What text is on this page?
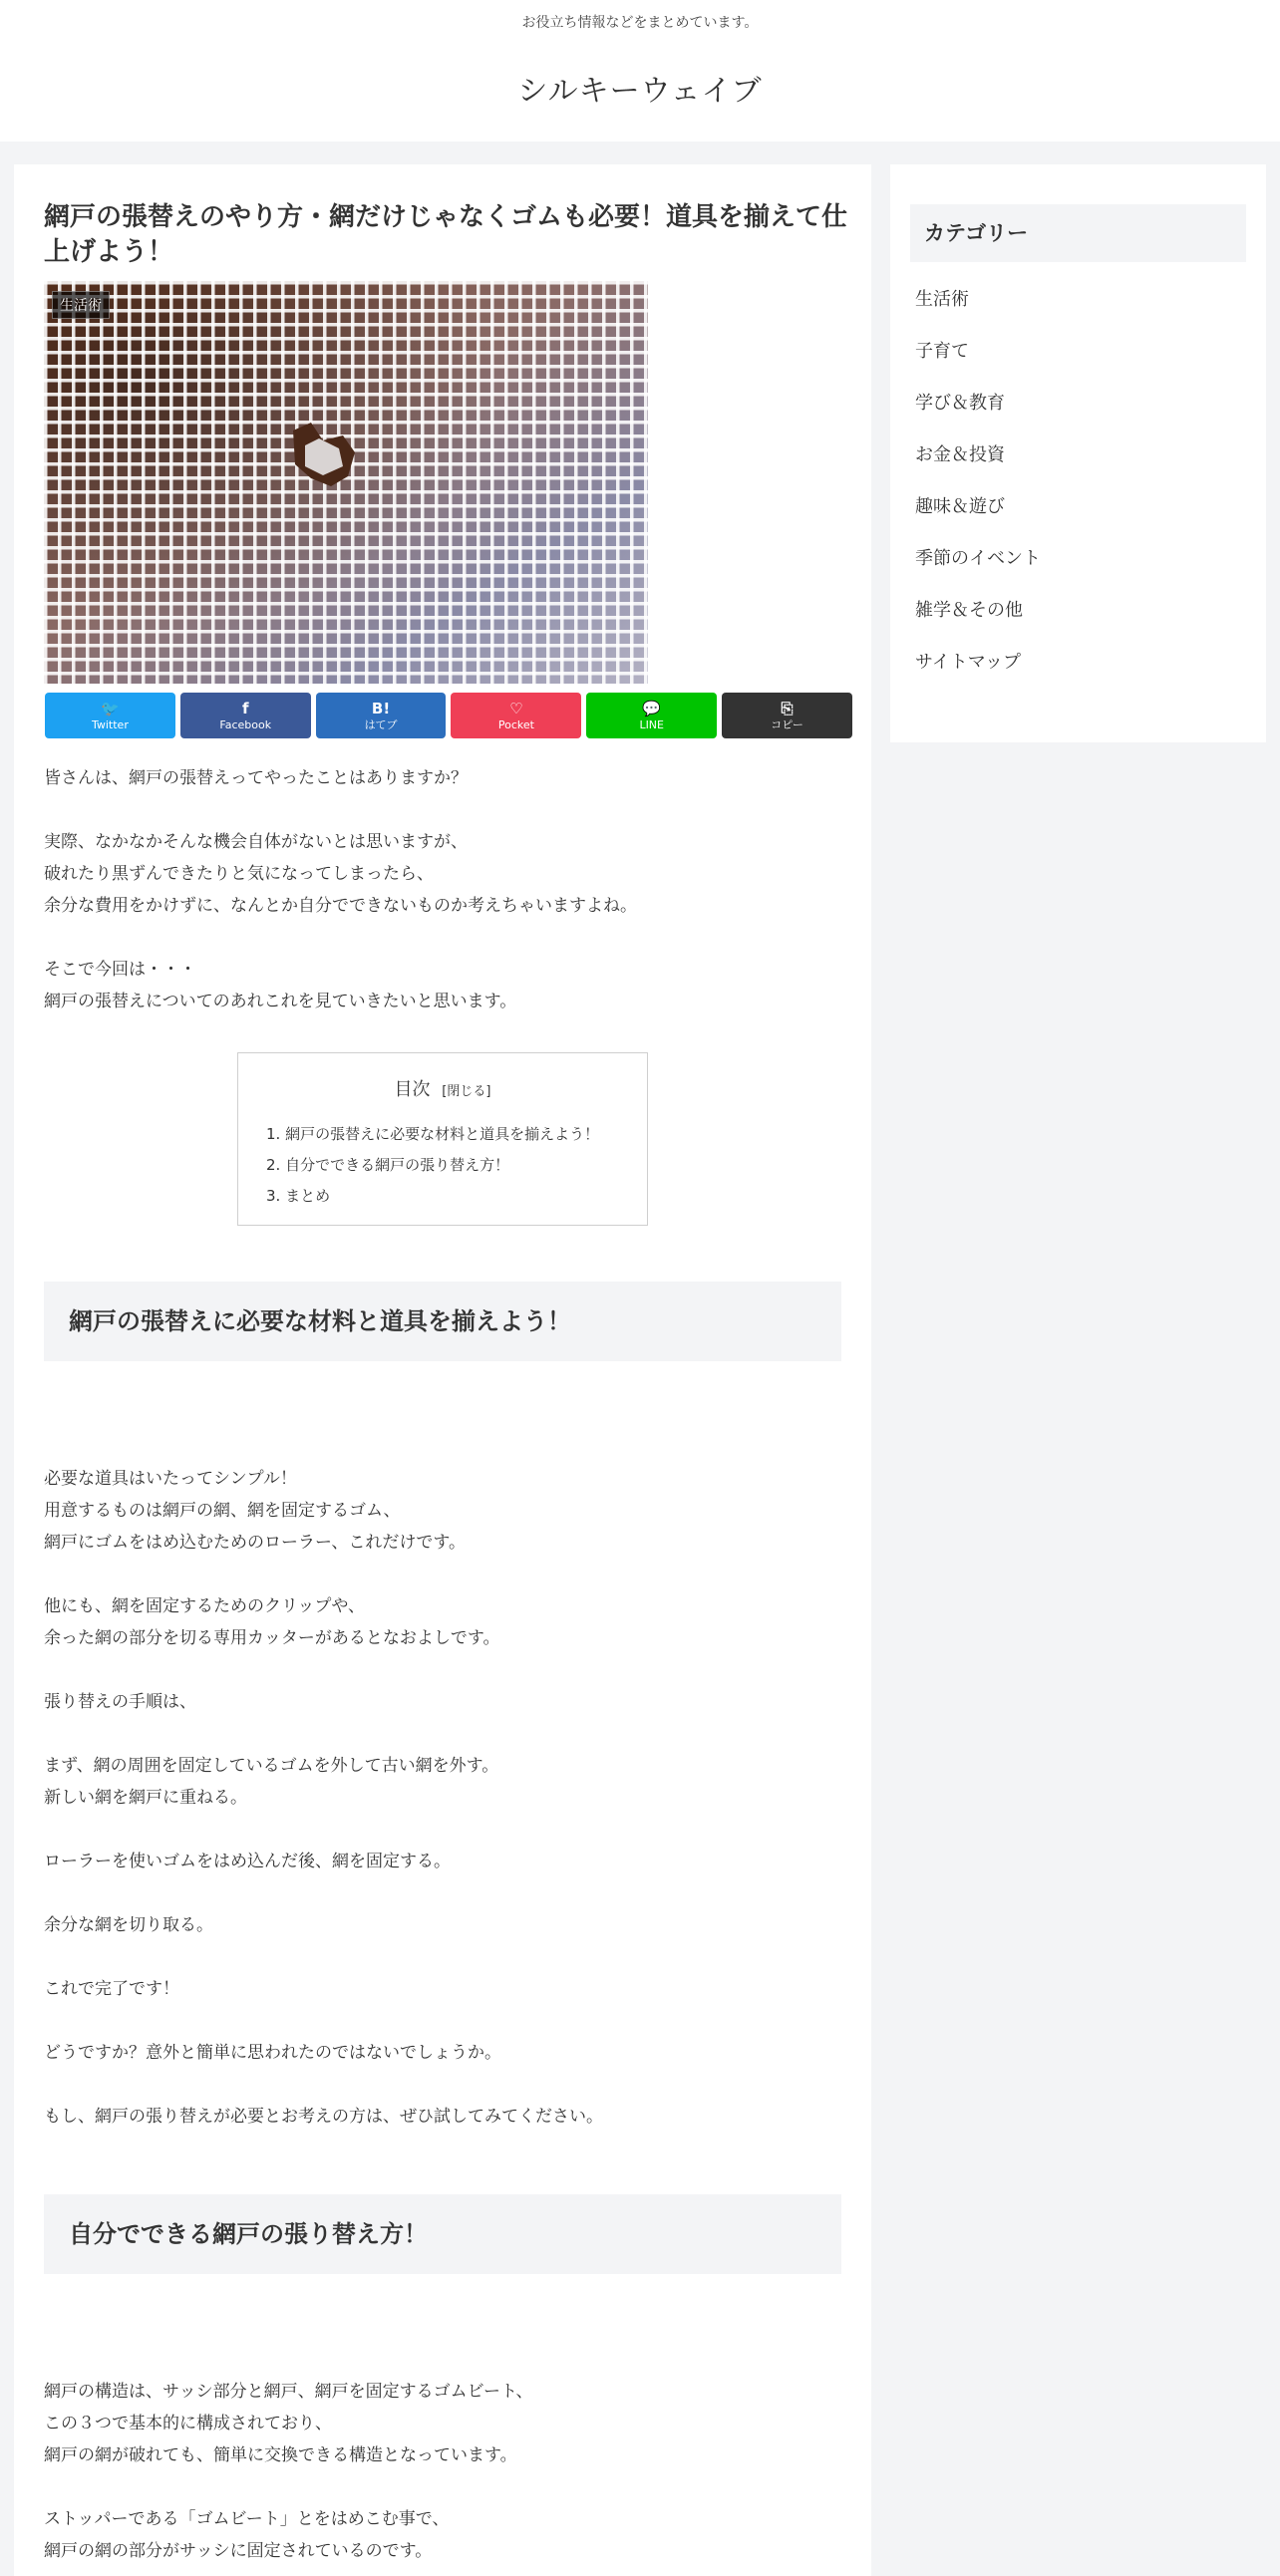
お役立ち情報などをまとめています。
シルキーウェイブ
網戸の張替えのやり方・網だけじゃなくゴムも必要！道具を揃えて仕上げよう！
生活術
🐦
Twitter
f
Facebook
B!
はてブ
♡
Pocket
💬
LINE
⎘
コピー

皆さんは、網戸の張替えってやったことはありますか？

実際、なかなかそんな機会自体がないとは思いますが、

破れたり黒ずんできたりと気になってしまったら、

余分な費用をかけずに、なんとか自分でできないものか考えちゃいますよね。

そこで今回は・・・

網戸の張替えについてのあれこれを見ていきたいと思います。

目次 [閉じる]
1. 網戸の張替えに必要な材料と道具を揃えよう！
2. 自分でできる網戸の張り替え方！
3. まとめ
網戸の張替えに必要な材料と道具を揃えよう！

必要な道具はいたってシンプル！

用意するものは網戸の網、網を固定するゴム、

網戸にゴムをはめ込むためのローラー、これだけです。

他にも、網を固定するためのクリップや、

余った網の部分を切る専用カッターがあるとなおよしです。

張り替えの手順は、

まず、網の周囲を固定しているゴムを外して古い網を外す。

新しい網を網戸に重ねる。

ローラーを使いゴムをはめ込んだ後、網を固定する。

余分な網を切り取る。

これで完了です！

どうですか？意外と簡単に思われたのではないでしょうか。

もし、網戸の張り替えが必要とお考えの方は、ぜひ試してみてください。

自分でできる網戸の張り替え方！

網戸の構造は、サッシ部分と網戸、網戸を固定するゴムビート、

この３つで基本的に構成されており、

網戸の網が破れても、簡単に交換できる構造となっています。

ストッパーである「ゴムビート」とをはめこむ事で、

網戸の網の部分がサッシに固定されているのです。

カテゴリー
生活術
子育て
学び＆教育
お金＆投資
趣味＆遊び
季節のイベント
雑学＆その他
サイトマップ
